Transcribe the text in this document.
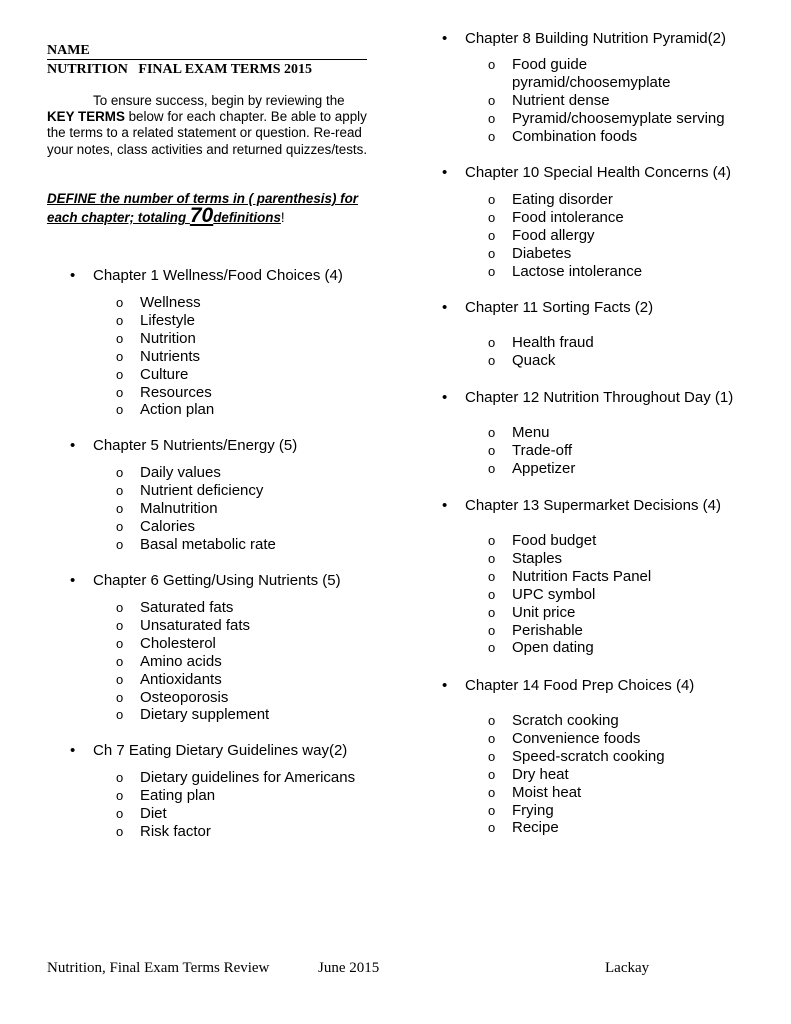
NAME
NUTRITION   FINAL EXAM TERMS 2015
To ensure success, begin by reviewing the
KEY TERMS below for each chapter. Be able to apply the terms to a related statement or question. Re-read your notes, class activities and returned quizzes/tests.
DEFINE the number of terms in ( parenthesis) for each chapter; totaling 70definitions!
•	Chapter 1 Wellness/Food Choices (4)
o Wellness
o Lifestyle
o Nutrition
o Nutrients
o Culture
o Resources
o Action plan
•	Chapter 5 Nutrients/Energy (5)
o Daily values
o Nutrient deficiency
o Malnutrition
o Calories
o Basal metabolic rate
•	Chapter 6 Getting/Using Nutrients (5)
o Saturated fats
o Unsaturated fats
o Cholesterol
o Amino acids
o Antioxidants
o Osteoporosis
o Dietary supplement
•	Ch 7 Eating Dietary Guidelines way(2)
o Dietary guidelines for Americans
o Eating plan
o Diet
o Risk factor
•	Chapter 8 Building Nutrition Pyramid(2)
o Food guide
pyramid/choosemyplate
o Nutrient dense
o Pyramid/choosemyplate serving
o Combination foods
•	Chapter 10 Special Health Concerns (4)
o Eating disorder
o Food intolerance
o Food allergy
o Diabetes
o Lactose intolerance
•	Chapter 11 Sorting Facts (2)
o Health fraud
o Quack
•	Chapter 12 Nutrition Throughout Day (1)
o Menu
o Trade-off
o Appetizer
•	Chapter 13 Supermarket Decisions (4)
o Food budget
o Staples
o Nutrition Facts Panel
o UPC symbol
o Unit price
o Perishable
o Open dating
•	Chapter 14 Food Prep Choices (4)
o Scratch cooking
o Convenience foods
o Speed-scratch cooking
o Dry heat
o Moist heat
o Frying
o Recipe
Nutrition, Final Exam Terms Review	June 2015	Lackay
